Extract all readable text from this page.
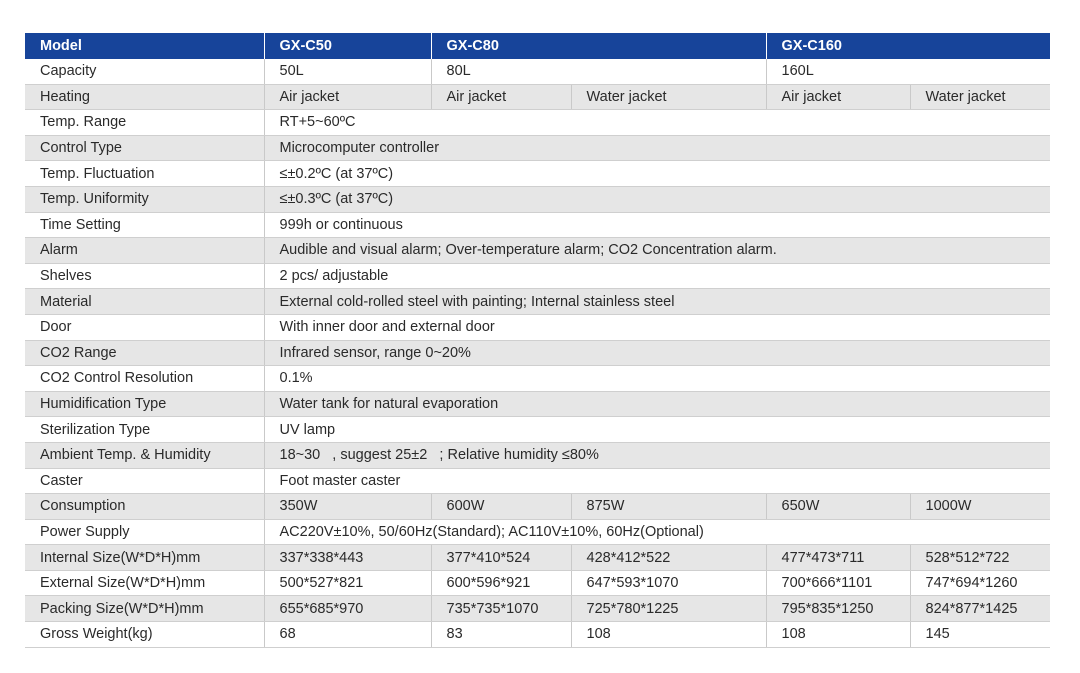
Model	GX-C50	GX-C80		GX-C160	
Capacity	50L	80L		160L	
Heating	Air jacket	Air jacket	Water jacket	Air jacket	Water jacket
Temp. Range	RT+5~60ºC				
Control Type	Microcomputer controller				
Temp. Fluctuation	≤±0.2ºC (at 37ºC)				
Temp. Uniformity	≤±0.3ºC (at 37ºC)				
Time Setting	999h or continuous				
Alarm	Audible and visual alarm; Over-temperature alarm; CO2 Concentration alarm.				
Shelves	2 pcs/ adjustable				
Material	External cold-rolled steel with painting; Internal stainless steel				
Door	With inner door and external door				
CO2 Range	Infrared sensor, range 0~20%				
CO2 Control Resolution	0.1%				
Humidification Type	Water tank for natural evaporation				
Sterilization Type	UV lamp				
Ambient Temp. & Humidity	18~30   , suggest 25±2   ; Relative humidity ≤80%				
Caster	Foot master caster				
Consumption	350W	600W	875W	650W	1000W
Power Supply	AC220V±10%, 50/60Hz(Standard); AC110V±10%, 60Hz(Optional)				
Internal Size(W*D*H)mm	337*338*443	377*410*524	428*412*522	477*473*711	528*512*722
External Size(W*D*H)mm	500*527*821	600*596*921	647*593*1070	700*666*1101	747*694*1260
Packing Size(W*D*H)mm	655*685*970	735*735*1070	725*780*1225	795*835*1250	824*877*1425
Gross Weight(kg)	68	83	108	108	145
